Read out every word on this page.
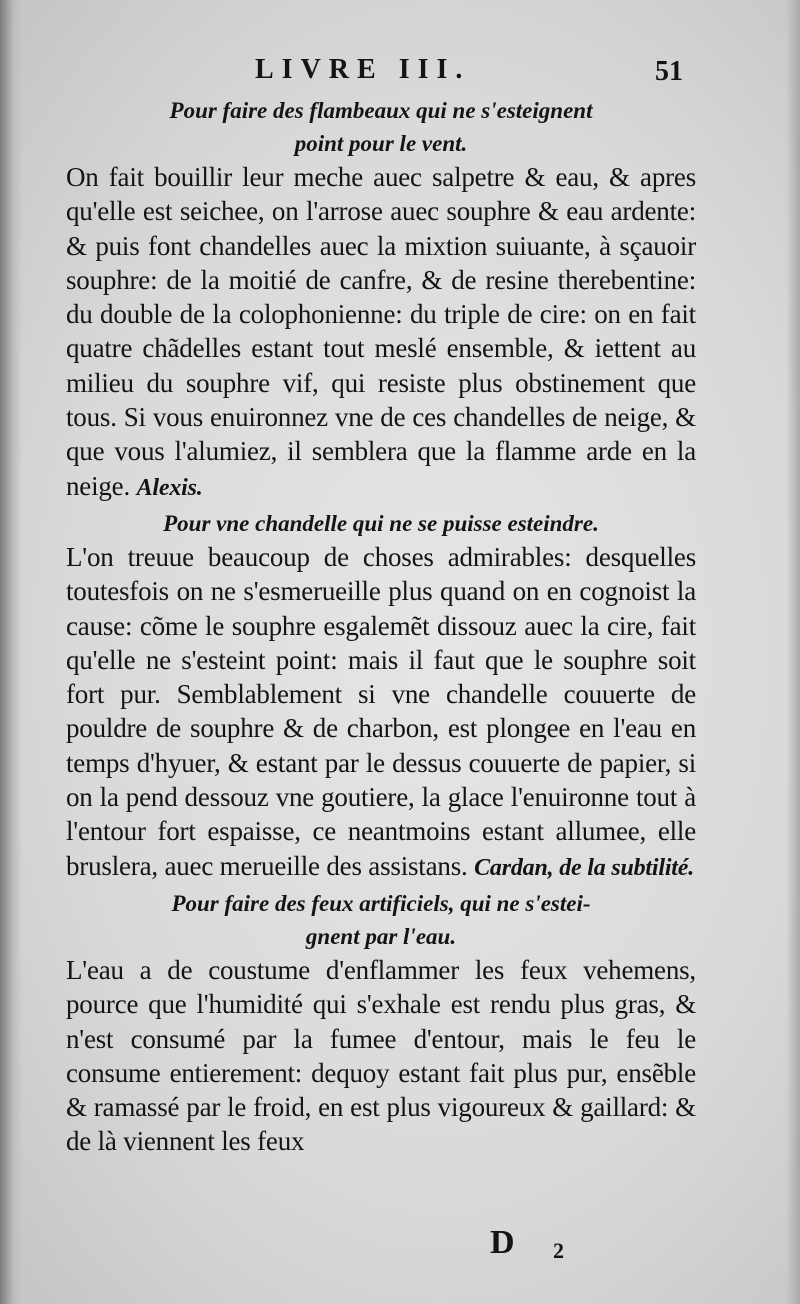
LIVRE III.	51

Pour faire des flambeaux qui ne s'esteignent
point pour le vent.

On fait bouillir leur meche auec salpetre & eau, & apres qu'elle est seichee, on l'arrose auec souphre & eau ardente: & puis font chandelles auec la mixtion suiuante, à sçauoir souphre: de la moitié de canfre, & de resine therebentine: du double de la colophonienne: du triple de cire: on en fait quatre chãdelles estant tout meslé ensemble, & iettent au milieu du souphre vif, qui resiste plus obstinement que tous. Si vous enuironnez vne de ces chandelles de neige, & que vous l'alumiez, il semblera que la flamme arde en la neige. Alexis.

Pour vne chandelle qui ne se puisse esteindre.

L'on treuue beaucoup de choses admirables: desquelles toutesfois on ne s'esmerueille plus quand on en cognoist la cause: cõme le souphre esgalemẽt dissouz auec la cire, fait qu'elle ne s'esteint point: mais il faut que le souphre soit fort pur. Semblablement si vne chandelle couuerte de pouldre de souphre & de charbon, est plongee en l'eau en temps d'hyuer, & estant par le dessus couuerte de papier, si on la pend dessouz vne goutiere, la glace l'enuironne tout à l'entour fort espaisse, ce neantmoins estant allumee, elle bruslera, auec merueille des assistans. Cardan, de la subtilité.

Pour faire des feux artificiels, qui ne s'estei-
gnent par l'eau.

L'eau a de coustume d'enflammer les feux vehemens, pource que l'humidité qui s'exhale est rendu plus gras, & n'est consumé par la fumee d'entour, mais le feu le consume entierement: dequoy estant fait plus pur, ensẽble & ramassé par le froid, en est plus vigoureux & gaillard: & de là viennent les feux

D 2
